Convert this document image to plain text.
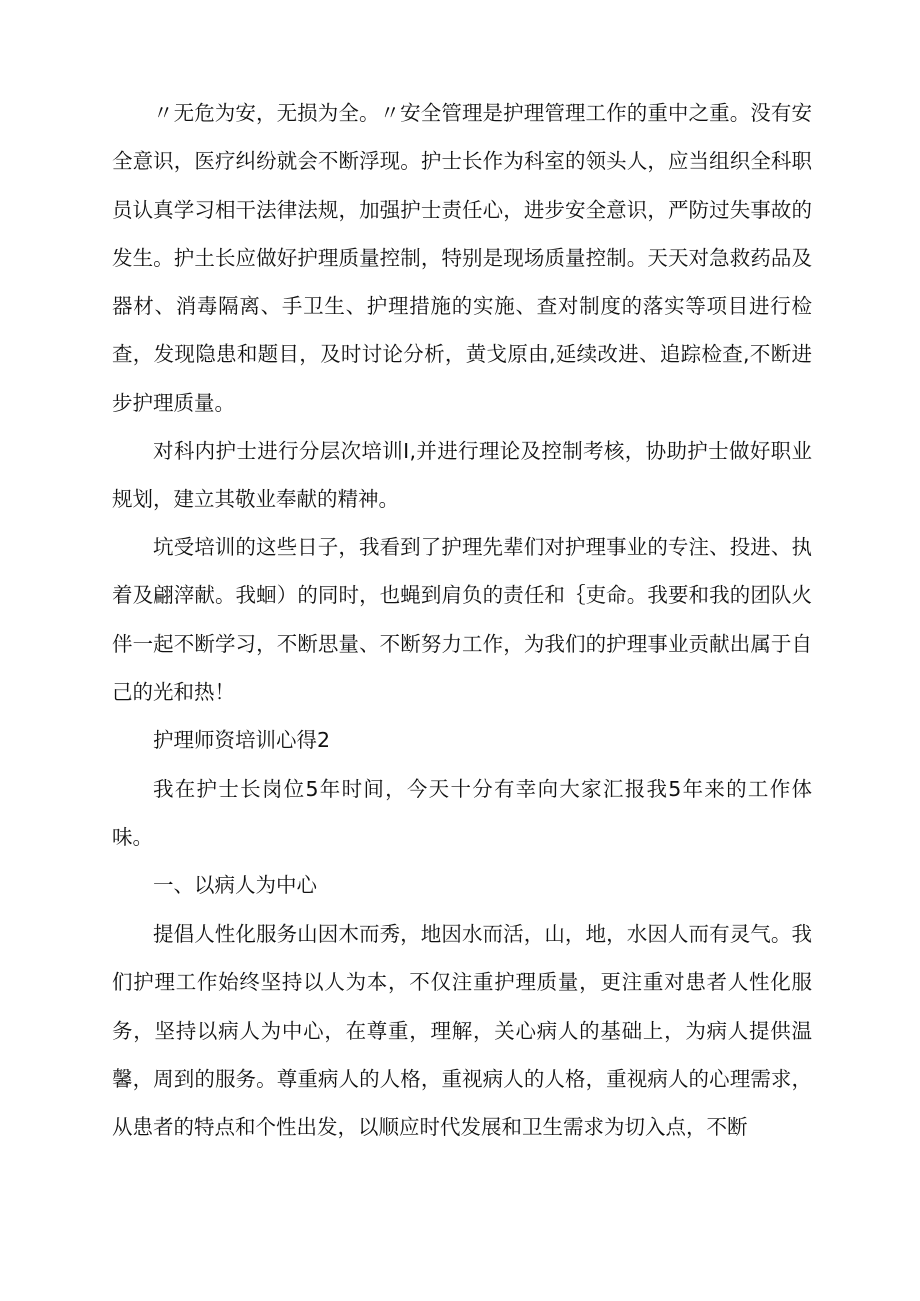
〃无危为安，无损为全。〃安全管理是护理管理工作的重中之重。没有安全意识，医疗纠纷就会不断浮现。护士长作为科室的领头人，应当组织全科职员认真学习相干法律法规，加强护士责任心，进步安全意识，严防过失事故的发生。护土长应做好护理质量控制，特别是现场质量控制。天天对急救药品及器材、消毒隔离、手卫生、护理措施的实施、查对制度的落实等项目进行检查，发现隐患和题目，及时讨论分析，黄戈原由,延续改进、追踪检查,不断进步护理质量。

对科内护士进行分层次培训Ⅰ,并进行理论及控制考核，协助护士做好职业规划，建立其敬业奉献的精神。

坑受培训的这些日子，我看到了护理先辈们对护理事业的专注、投进、执着及翩滓献。我蛔）的同时，也蝇到肩负的责任和｛吏命。我要和我的团队火伴一起不断学习，不断思量、不断努力工作，为我们的护理事业贡献出属于自己的光和热！

护理师资培训心得2

我在护士长岗位5年时间，今天十分有幸向大家汇报我5年来的工作体味。

一、以病人为中心

提倡人性化服务山因木而秀，地因水而活，山，地，水因人而有灵气。我们护理工作始终坚持以人为本，不仅注重护理质量，更注重对患者人性化服务，坚持以病人为中心，在尊重，理解，关心病人的基础上，为病人提供温馨，周到的服务。尊重病人的人格，重视病人的人格，重视病人的心理需求，从患者的特点和个性出发，以顺应时代发展和卫生需求为切入点，不断
